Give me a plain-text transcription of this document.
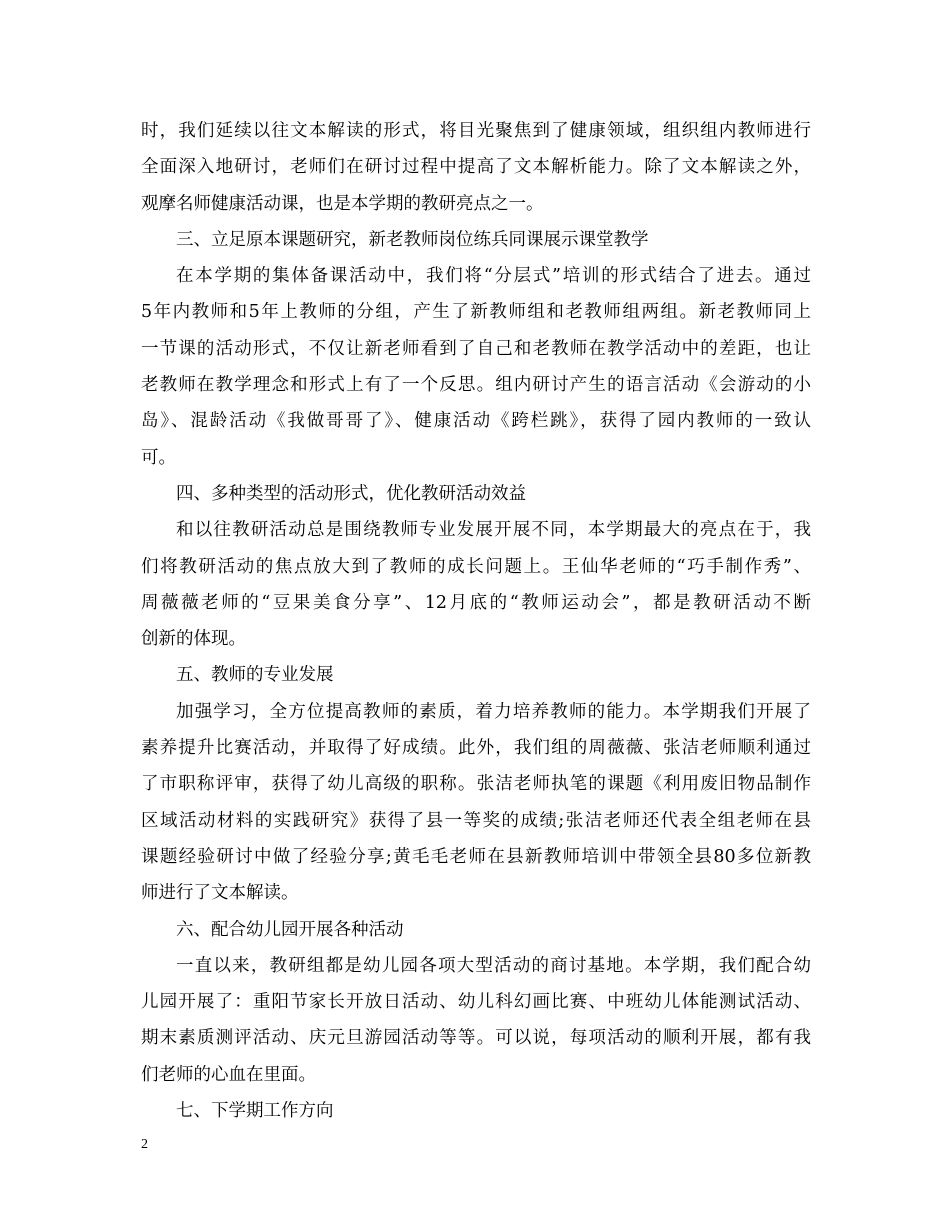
时，我们延续以往文本解读的形式，将目光聚焦到了健康领域，组织组内教师进行
全面深入地研讨，老师们在研讨过程中提高了文本解析能力。除了文本解读之外，
观摩名师健康活动课，也是本学期的教研亮点之一。
三、立足原本课题研究，新老教师岗位练兵同课展示课堂教学
在本学期的集体备课活动中，我们将“分层式”培训的形式结合了进去。通过
5年内教师和5年上教师的分组，产生了新教师组和老教师组两组。新老教师同上
一节课的活动形式，不仅让新老师看到了自己和老教师在教学活动中的差距，也让
老教师在教学理念和形式上有了一个反思。组内研讨产生的语言活动《会游动的小
岛》、混龄活动《我做哥哥了》、健康活动《跨栏跳》，获得了园内教师的一致认
可。
四、多种类型的活动形式，优化教研活动效益
和以往教研活动总是围绕教师专业发展开展不同，本学期最大的亮点在于，我
们将教研活动的焦点放大到了教师的成长问题上。王仙华老师的“巧手制作秀”、
周薇薇老师的“豆果美食分享”、12月底的“教师运动会”，都是教研活动不断
创新的体现。
五、教师的专业发展
加强学习，全方位提高教师的素质，着力培养教师的能力。本学期我们开展了
素养提升比赛活动，并取得了好成绩。此外，我们组的周薇薇、张洁老师顺利通过
了市职称评审，获得了幼儿高级的职称。张洁老师执笔的课题《利用废旧物品制作
区域活动材料的实践研究》获得了县一等奖的成绩;张洁老师还代表全组老师在县
课题经验研讨中做了经验分享;黄毛毛老师在县新教师培训中带领全县80多位新教
师进行了文本解读。
六、配合幼儿园开展各种活动
一直以来，教研组都是幼儿园各项大型活动的商讨基地。本学期，我们配合幼
儿园开展了：重阳节家长开放日活动、幼儿科幻画比赛、中班幼儿体能测试活动、
期末素质测评活动、庆元旦游园活动等等。可以说，每项活动的顺利开展，都有我
们老师的心血在里面。
七、下学期工作方向
2
